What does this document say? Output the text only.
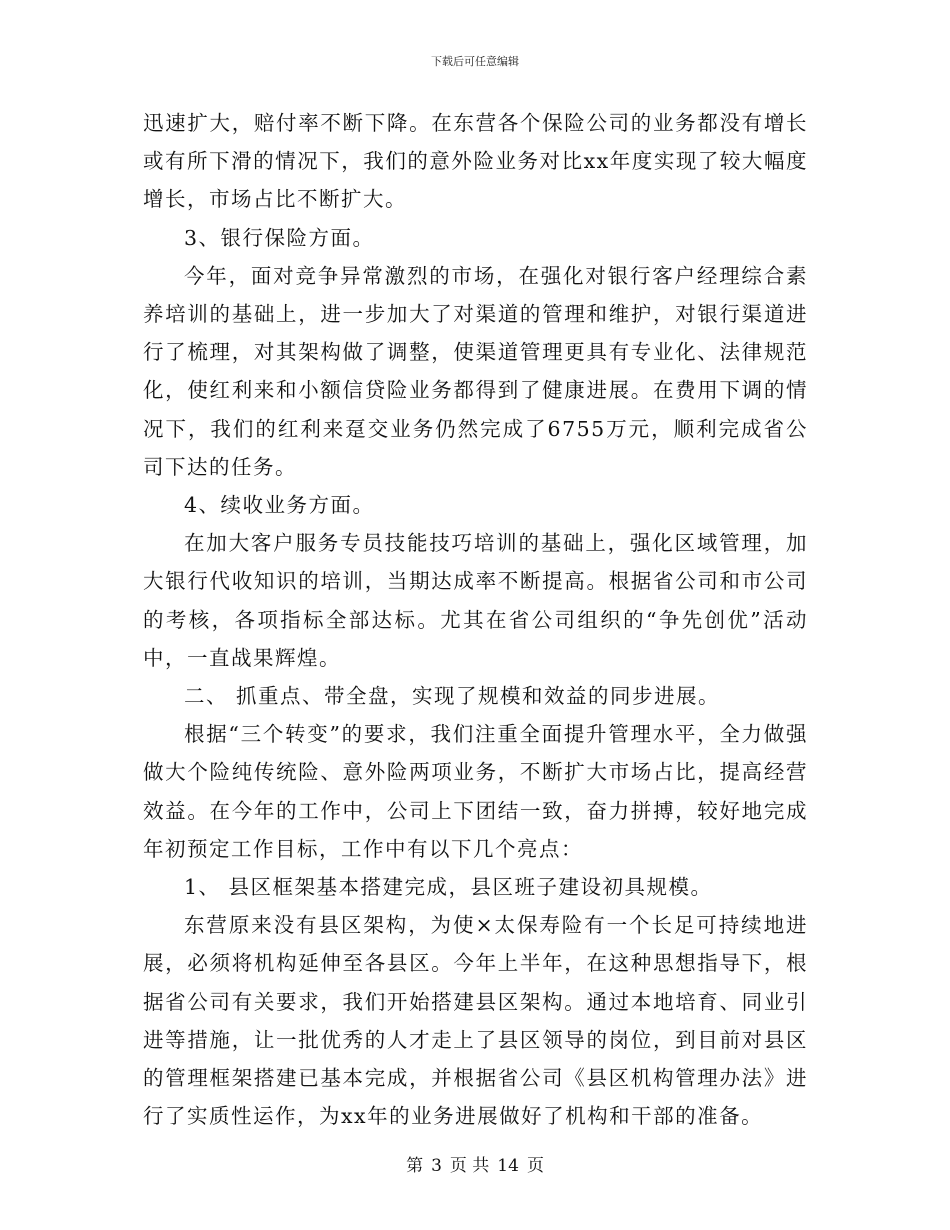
下载后可任意编辑

迅速扩大，赔付率不断下降。在东营各个保险公司的业务都没有增长或有所下滑的情况下，我们的意外险业务对比xx年度实现了较大幅度增长，市场占比不断扩大。

3、银行保险方面。

今年，面对竞争异常激烈的市场，在强化对银行客户经理综合素养培训的基础上，进一步加大了对渠道的管理和维护，对银行渠道进行了梳理，对其架构做了调整，使渠道管理更具有专业化、法律规范化，使红利来和小额信贷险业务都得到了健康进展。在费用下调的情况下，我们的红利来趸交业务仍然完成了6755万元，顺利完成省公司下达的任务。

4、续收业务方面。

在加大客户服务专员技能技巧培训的基础上，强化区域管理，加大银行代收知识的培训，当期达成率不断提高。根据省公司和市公司的考核，各项指标全部达标。尤其在省公司组织的“争先创优”活动中，一直战果辉煌。

二、 抓重点、带全盘，实现了规模和效益的同步进展。

根据“三个转变”的要求，我们注重全面提升管理水平，全力做强做大个险纯传统险、意外险两项业务，不断扩大市场占比，提高经营效益。在今年的工作中，公司上下团结一致，奋力拼搏，较好地完成年初预定工作目标，工作中有以下几个亮点：

1、 县区框架基本搭建完成，县区班子建设初具规模。

东营原来没有县区架构，为使×太保寿险有一个长足可持续地进展，必须将机构延伸至各县区。今年上半年，在这种思想指导下，根据省公司有关要求，我们开始搭建县区架构。通过本地培育、同业引进等措施，让一批优秀的人才走上了县区领导的岗位，到目前对县区的管理框架搭建已基本完成，并根据省公司《县区机构管理办法》进行了实质性运作，为xx年的业务进展做好了机构和干部的准备。

第 3 页 共 14 页
